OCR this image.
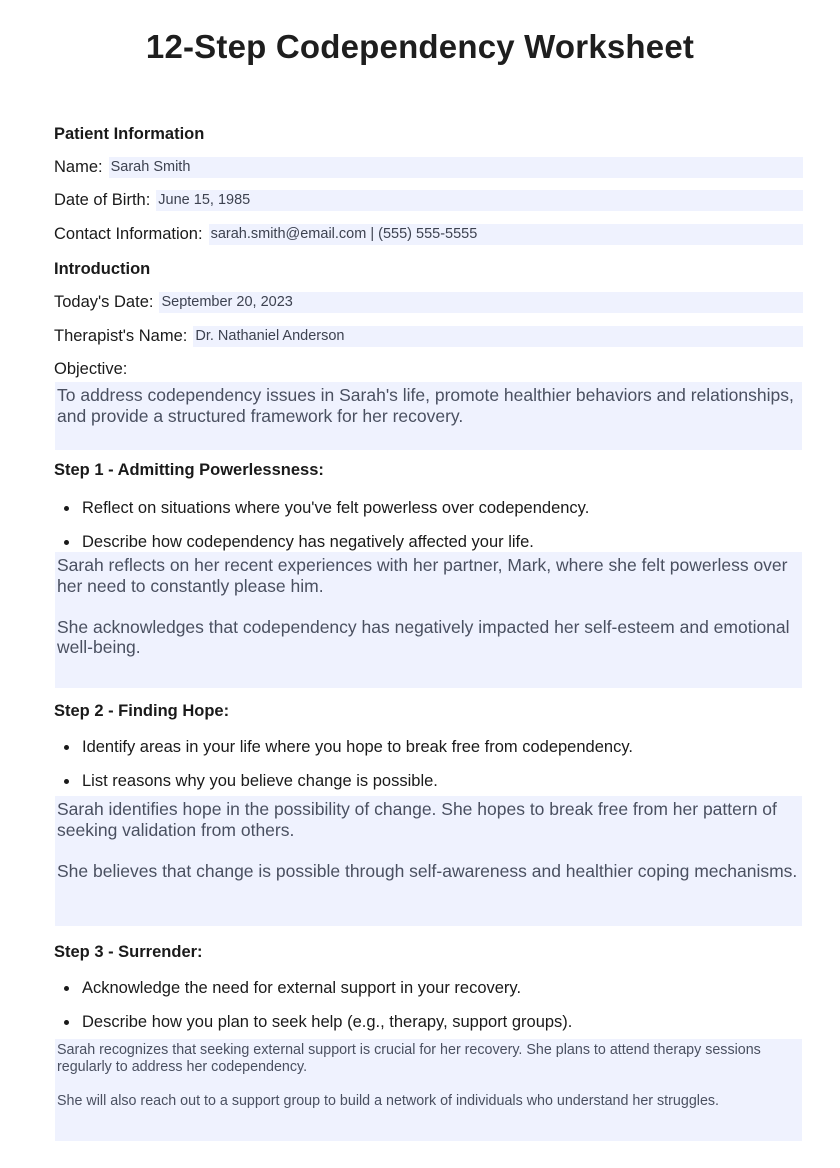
12-Step Codependency Worksheet
Patient Information
Name: Sarah Smith
Date of Birth: June 15, 1985
Contact Information: sarah.smith@email.com | (555) 555-5555
Introduction
Today's Date: September 20, 2023
Therapist's Name: Dr. Nathaniel Anderson
Objective:

To address codependency issues in Sarah's life, promote healthier behaviors and relationships, and provide a structured framework for her recovery.

Step 1 - Admitting Powerlessness:
Reflect on situations where you've felt powerless over codependency.
Describe how codependency has negatively affected your life.

Sarah reflects on her recent experiences with her partner, Mark, where she felt powerless over her need to constantly please him.

She acknowledges that codependency has negatively impacted her self-esteem and emotional well-being.

Step 2 - Finding Hope:
Identify areas in your life where you hope to break free from codependency.
List reasons why you believe change is possible.

Sarah identifies hope in the possibility of change. She hopes to break free from her pattern of seeking validation from others.

She believes that change is possible through self-awareness and healthier coping mechanisms.

Step 3 - Surrender:
Acknowledge the need for external support in your recovery.
Describe how you plan to seek help (e.g., therapy, support groups).

Sarah recognizes that seeking external support is crucial for her recovery. She plans to attend therapy sessions regularly to address her codependency.

She will also reach out to a support group to build a network of individuals who understand her struggles.
